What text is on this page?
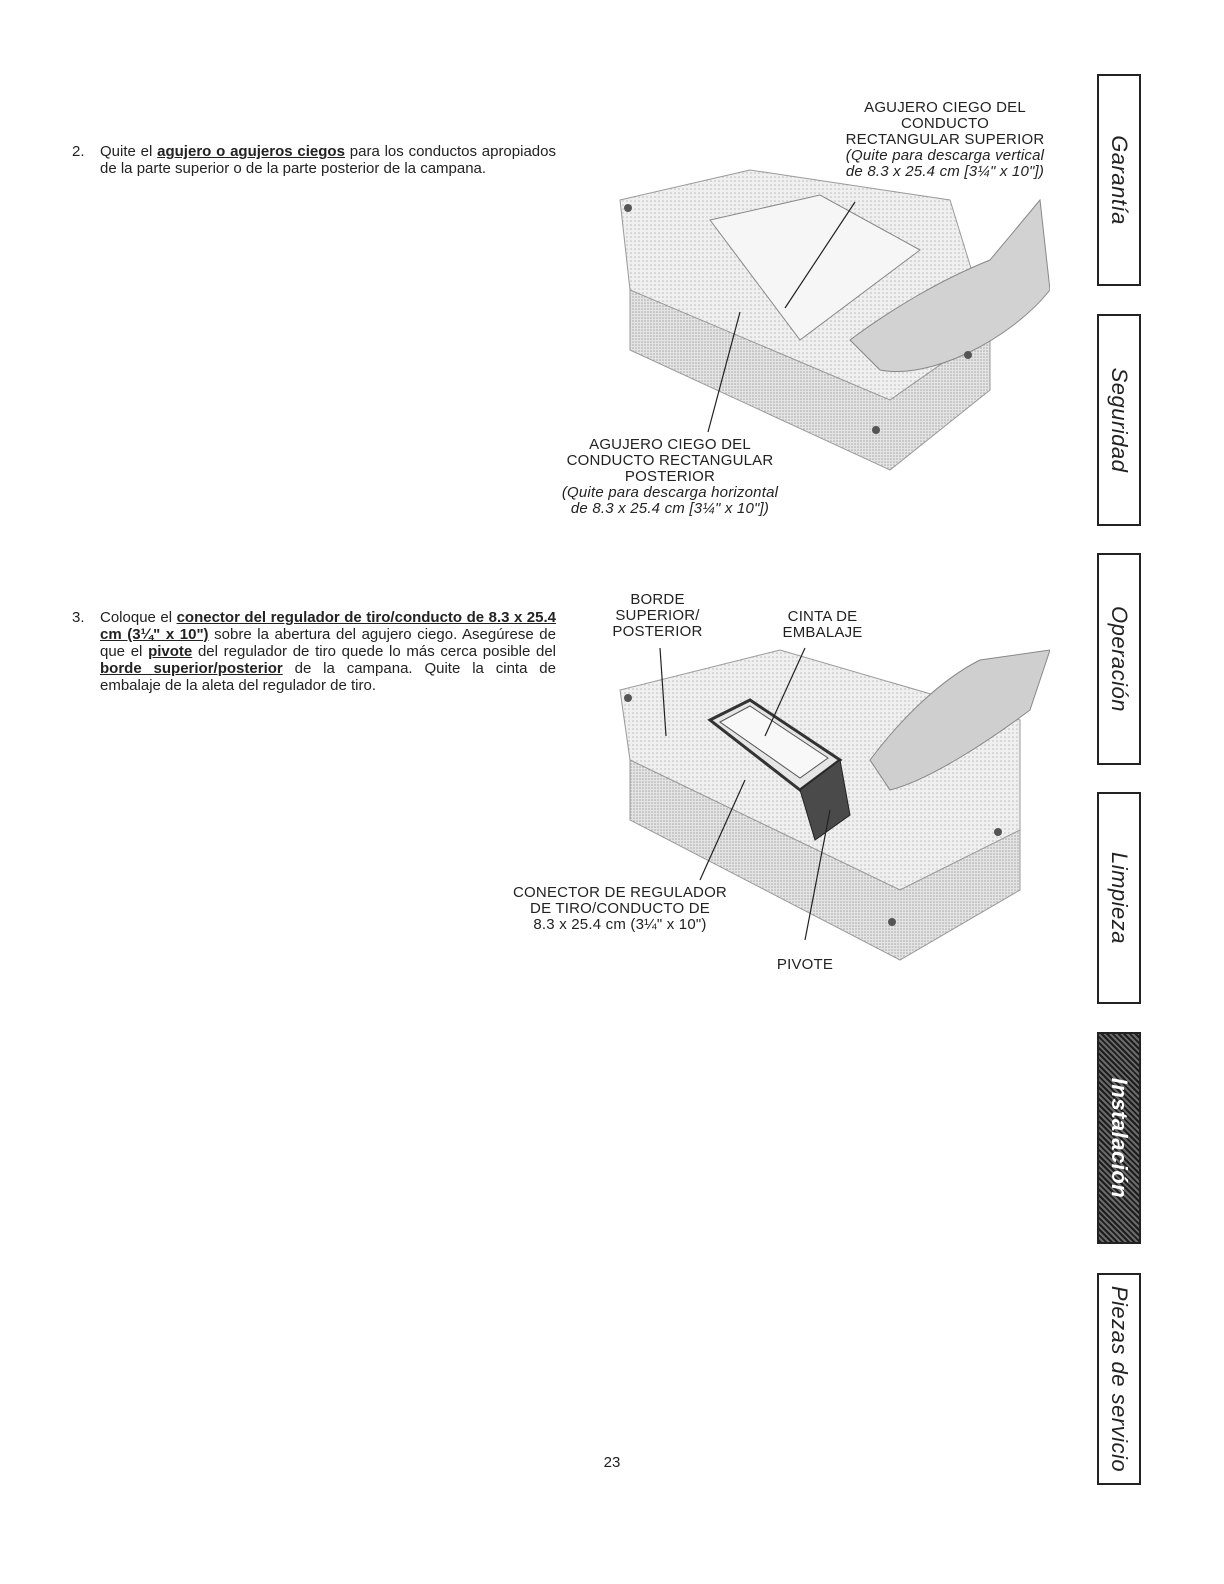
2. Quite el agujero o agujeros ciegos para los conductos apropiados de la parte superior o de la parte posterior de la campana.
3. Coloque el conector del regulador de tiro/conducto de 8.3 x 25.4 cm (3¼" x 10") sobre la abertura del agujero ciego. Asegúrese de que el pivote del regulador de tiro quede lo más cerca posible del borde superior/posterior de la campana. Quite la cinta de embalaje de la aleta del regulador de tiro.
AGUJERO CIEGO DEL
CONDUCTO
RECTANGULAR SUPERIOR
(Quite para descarga vertical
de 8.3 x 25.4 cm [3¼" x 10"])
AGUJERO CIEGO DEL
CONDUCTO RECTANGULAR
POSTERIOR
(Quite para descarga horizontal
de 8.3 x 25.4 cm [3¼" x 10"])
BORDE
SUPERIOR/
POSTERIOR
CINTA DE
EMBALAJE
CONECTOR DE REGULADOR
DE TIRO/CONDUCTO DE
8.3 x 25.4 cm (3¼" x 10")
PIVOTE
Garantía
Seguridad
Operación
Limpieza
Instalación
Piezas de servicio
23
